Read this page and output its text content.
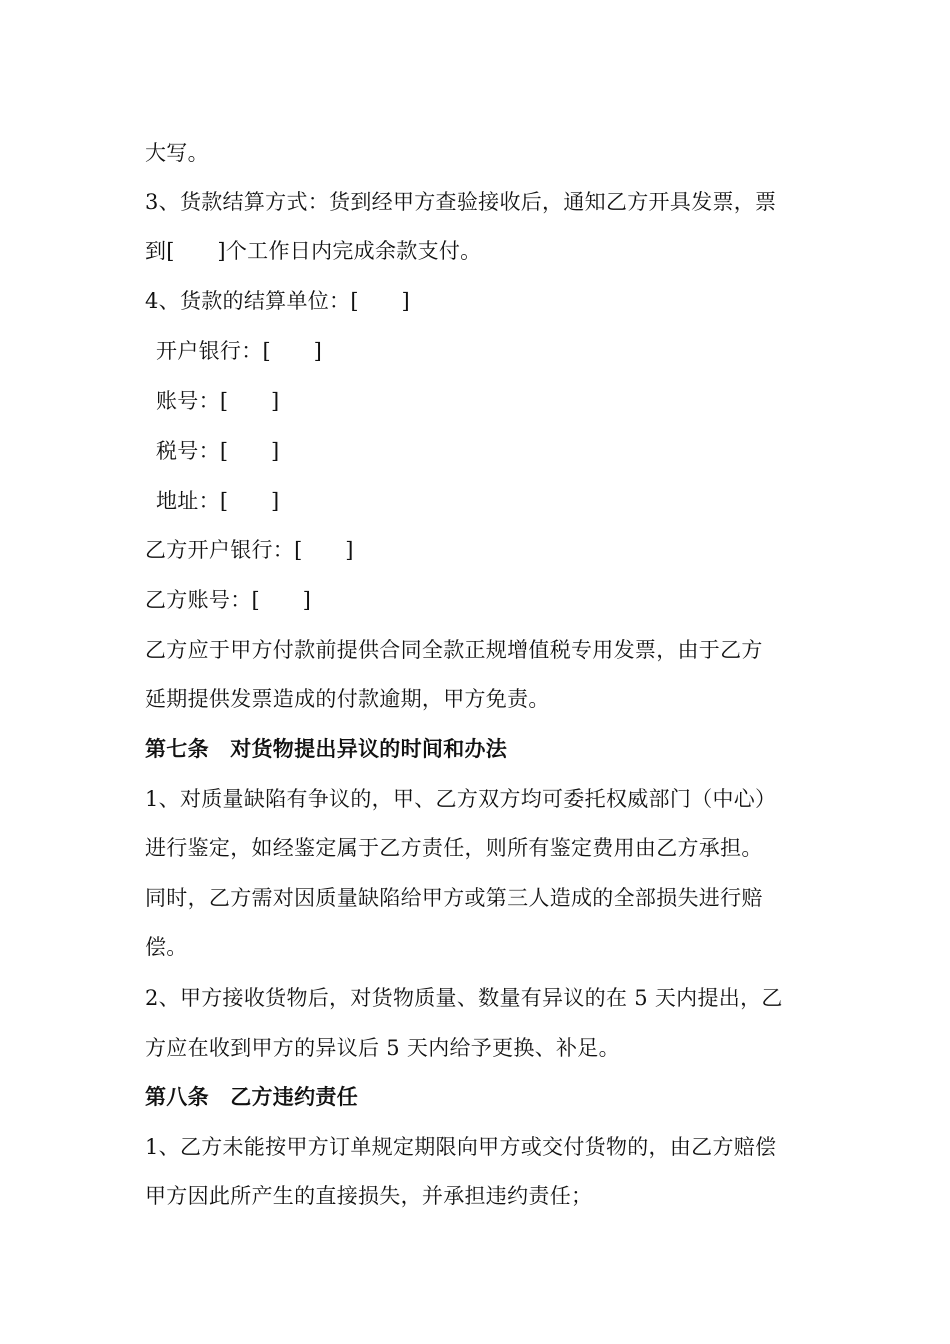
大写。
3、货款结算方式：货到经甲方查验接收后，通知乙方开具发票，票
到[　　]个工作日内完成余款支付。
4、货款的结算单位：[　　]
开户银行：[　　]
账号：[　　]
税号：[　　]
地址：[　　]
乙方开户银行：[　　]
乙方账号：[　　]
乙方应于甲方付款前提供合同全款正规增值税专用发票，由于乙方
延期提供发票造成的付款逾期，甲方免责。
第七条　对货物提出异议的时间和办法
1、对质量缺陷有争议的，甲、乙方双方均可委托权威部门（中心）
进行鉴定，如经鉴定属于乙方责任，则所有鉴定费用由乙方承担。
同时，乙方需对因质量缺陷给甲方或第三人造成的全部损失进行赔
偿。
2、甲方接收货物后，对货物质量、数量有异议的在 5 天内提出，乙
方应在收到甲方的异议后 5 天内给予更换、补足。
第八条　乙方违约责任
1、乙方未能按甲方订单规定期限向甲方或交付货物的，由乙方赔偿
甲方因此所产生的直接损失，并承担违约责任；
